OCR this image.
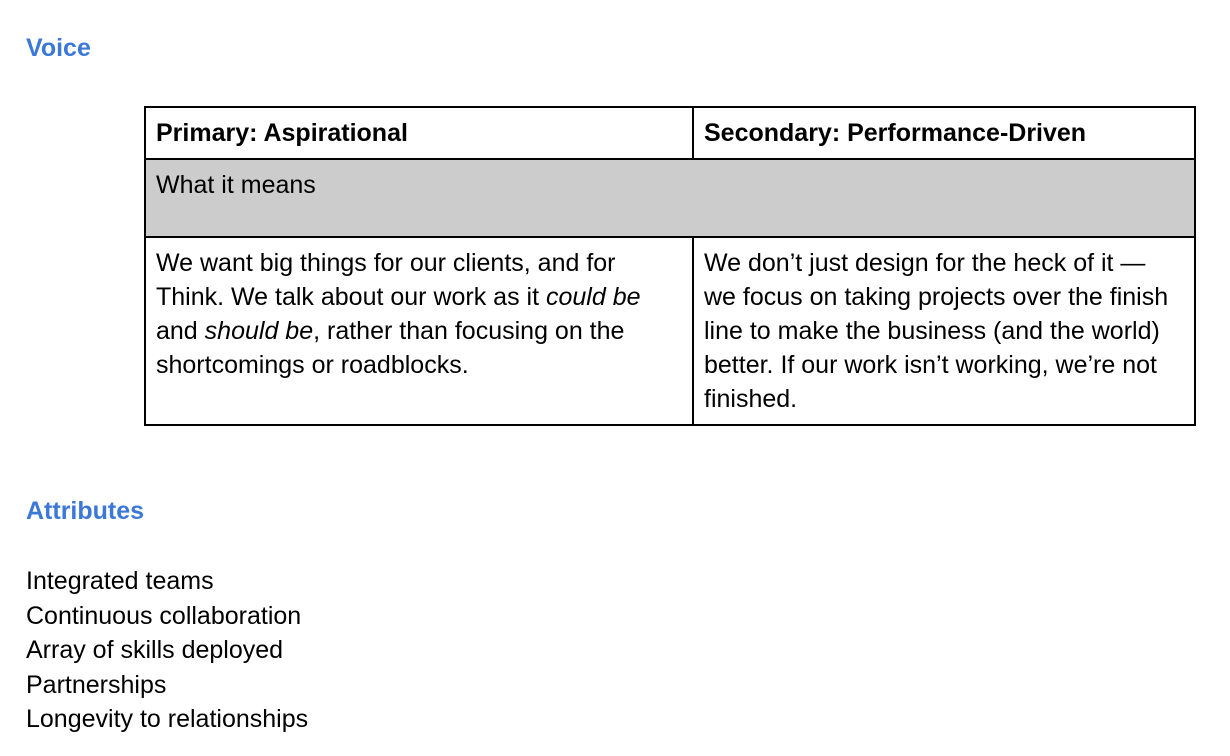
Voice
Primary: Aspirational	Secondary: Performance-Driven
What it means	
We want big things for our clients, and for Think. We talk about our work as it could be and should be, rather than focusing on the shortcomings or roadblocks.	We don’t just design for the heck of it — we focus on taking projects over the finish line to make the business (and the world) better. If our work isn’t working, we’re not finished.
Attributes
Integrated teams
Continuous collaboration
Array of skills deployed
Partnerships
Longevity to relationships
